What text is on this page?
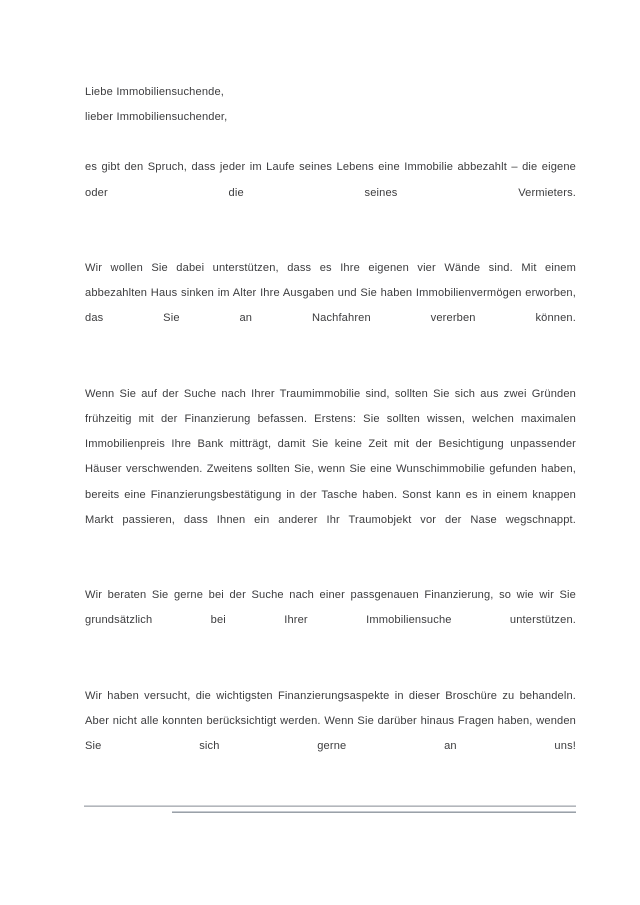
Liebe Immobiliensuchende,

lieber Immobiliensuchender,

es gibt den Spruch, dass jeder im Laufe seines Lebens eine Immobilie abbezahlt – die eigene oder die seines Vermieters.

Wir wollen Sie dabei unterstützen, dass es Ihre eigenen vier Wände sind. Mit einem abbezahlten Haus sinken im Alter Ihre Ausgaben und Sie haben Immobilienvermögen erworben, das Sie an Nachfahren vererben können.

Wenn Sie auf der Suche nach Ihrer Traumimmobilie sind, sollten Sie sich aus zwei Gründen frühzeitig mit der Finanzierung befassen. Erstens: Sie sollten wissen, welchen maximalen Immobilienpreis Ihre Bank mitträgt, damit Sie keine Zeit mit der Besichtigung unpassender Häuser verschwenden. Zweitens sollten Sie, wenn Sie eine Wunschimmobilie gefunden haben, bereits eine Finanzierungsbestätigung in der Tasche haben. Sonst kann es in einem knappen Markt passieren, dass Ihnen ein anderer Ihr Traumobjekt vor der Nase wegschnappt.

Wir beraten Sie gerne bei der Suche nach einer passgenauen Finanzierung, so wie wir Sie grundsätzlich bei Ihrer Immobiliensuche unterstützen.

Wir haben versucht, die wichtigsten Finanzierungsaspekte in dieser Broschüre zu behandeln. Aber nicht alle konnten berücksichtigt werden. Wenn Sie darüber hinaus Fragen haben, wenden Sie sich gerne an uns!
